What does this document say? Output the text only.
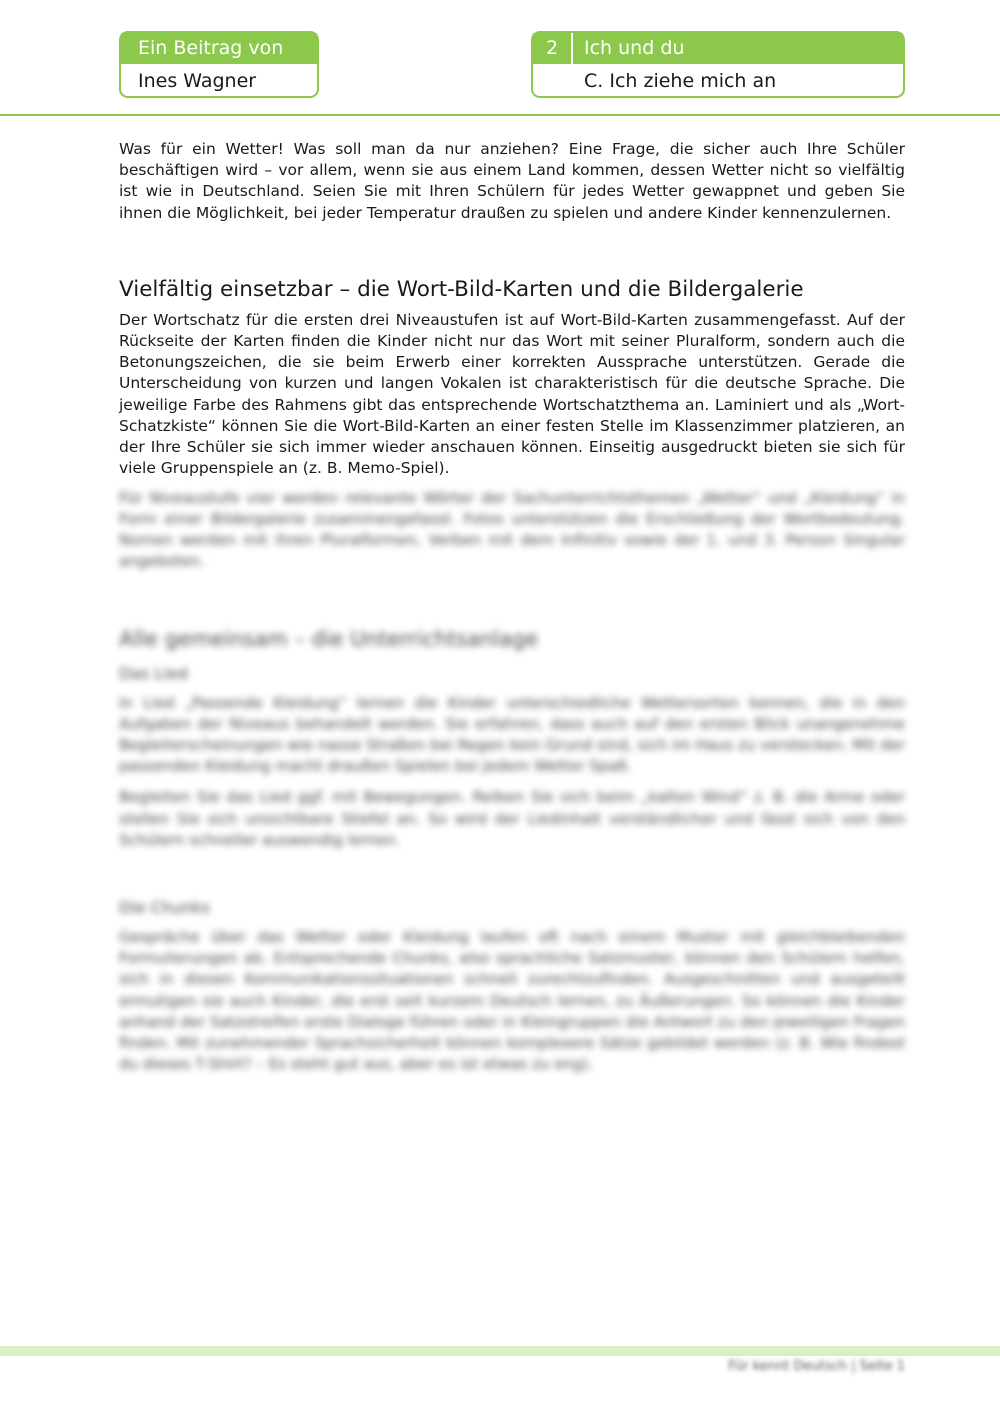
Ein Beitrag von
Ines Wagner
2	Ich und du
C. Ich ziehe mich an

Was für ein Wetter! Was soll man da nur anziehen? Eine Frage, die sicher auch Ihre Schüler beschäftigen wird – vor allem, wenn sie aus einem Land kommen, dessen Wetter nicht so vielfältig ist wie in Deutschland. Seien Sie mit Ihren Schülern für jedes Wetter gewappnet und geben Sie ihnen die Möglichkeit, bei jeder Temperatur draußen zu spielen und andere Kinder kennenzulernen.

Vielfältig einsetzbar – die Wort-Bild-Karten und die Bildergalerie

Der Wortschatz für die ersten drei Niveaustufen ist auf Wort-Bild-Karten zusammengefasst. Auf der Rückseite der Karten finden die Kinder nicht nur das Wort mit seiner Pluralform, sondern auch die Betonungszeichen, die sie beim Erwerb einer korrekten Aussprache unterstützen. Gerade die Unterscheidung von kurzen und langen Vokalen ist charakteristisch für die deutsche Sprache. Die jeweilige Farbe des Rahmens gibt das entsprechende Wortschatzthema an. Laminiert und als „Wort-Schatzkiste“ können Sie die Wort-Bild-Karten an einer festen Stelle im Klassenzimmer platzieren, an der Ihre Schüler sie sich immer wieder anschauen können. Einseitig ausgedruckt bieten sie sich für viele Gruppenspiele an (z. B. Memo-Spiel).

Für Niveaustufe vier werden relevante Wörter der Sachunterrichtsthemen „Wetter“ und „Kleidung“ in Form einer Bildergalerie zusammengefasst. Fotos unterstützen die Erschließung der Wortbedeutung. Nomen werden mit ihren Pluralformen, Verben mit dem Infinitiv sowie der 1. und 3. Person Singular angeboten.

Alle gemeinsam – die Unterrichtsanlage
Das Lied

In Lied „Passende Kleidung“ lernen die Kinder unterschiedliche Wettersorten kennen, die in den Aufgaben der Niveaus behandelt werden. Sie erfahren, dass auch auf den ersten Blick unangenehme Begleiterscheinungen wie nasse Straßen bei Regen kein Grund sind, sich im Haus zu verstecken. Mit der passenden Kleidung macht draußen Spielen bei jedem Wetter Spaß.

Begleiten Sie das Lied ggf. mit Bewegungen. Reiben Sie sich beim „kalten Wind“ z. B. die Arme oder stellen Sie sich unsichtbare Stiefel an. So wird der Liedinhalt verständlicher und lässt sich von den Schülern schneller auswendig lernen.

Die Chunks

Gespräche über das Wetter oder Kleidung laufen oft nach einem Muster mit gleichbleibenden Formulierungen ab. Entsprechende Chunks, also sprachliche Satzmuster, können den Schülern helfen, sich in diesen Kommunikationssituationen schnell zurechtzufinden. Ausgeschnitten und ausgeteilt ermutigen sie auch Kinder, die erst seit kurzem Deutsch lernen, zu Äußerungen. So können die Kinder anhand der Satzstreifen erste Dialoge führen oder in Kleingruppen die Antwort zu den jeweiligen Fragen finden. Mit zunehmender Sprachsicherheit können komplexere Sätze gebildet werden (z. B. Wie findest du dieses T-Shirt? – Es steht gut aus, aber es ist etwas zu eng).

Für kennt Deutsch | Seite 1
